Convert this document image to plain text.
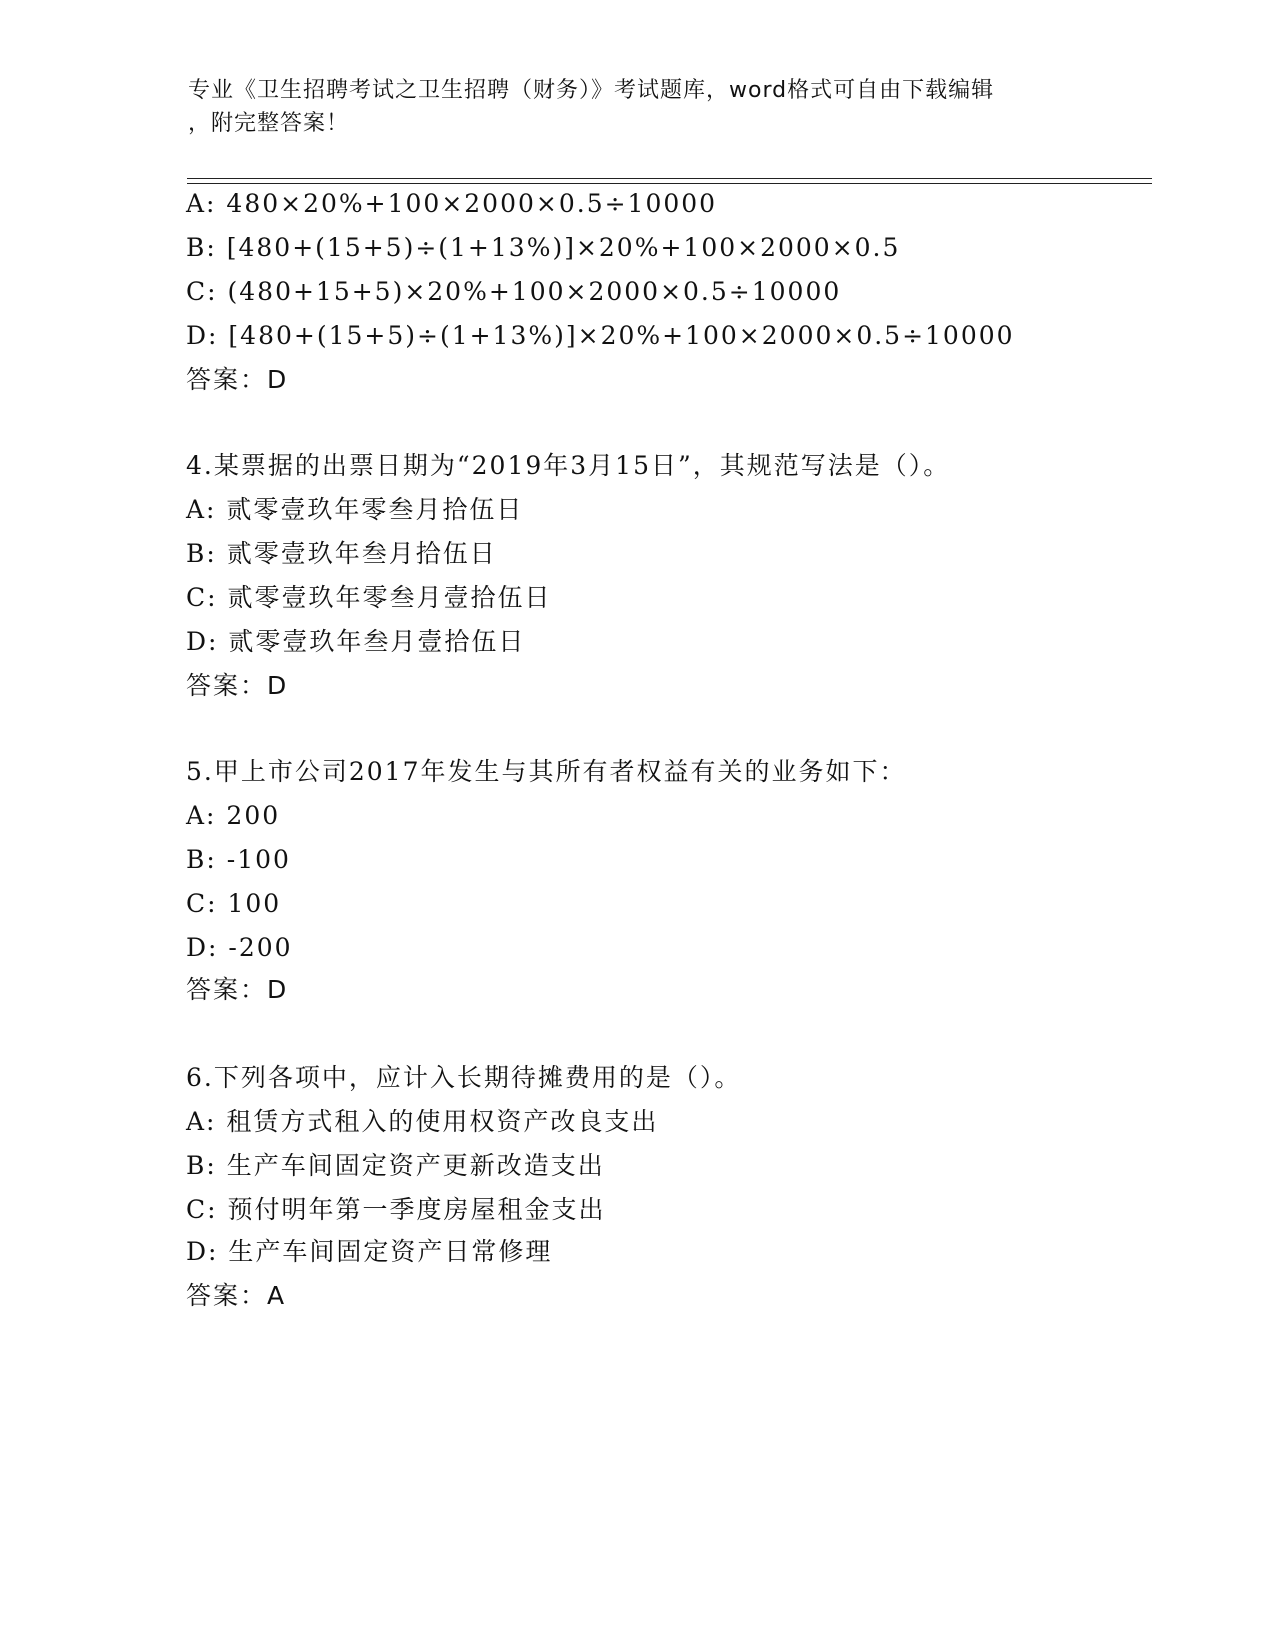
专业《卫生招聘考试之卫生招聘（财务）》考试题库，word格式可自由下载编辑
，附完整答案！
A: 480×20%+100×2000×0.5÷10000
B: [480+(15+5)÷(1+13%)]×20%+100×2000×0.5
C: (480+15+5)×20%+100×2000×0.5÷10000
D: [480+(15+5)÷(1+13%)]×20%+100×2000×0.5÷10000
答案：D
4.某票据的出票日期为“2019年3月15日”，其规范写法是（）。
A: 贰零壹玖年零叁月拾伍日
B: 贰零壹玖年叁月拾伍日
C: 贰零壹玖年零叁月壹拾伍日
D: 贰零壹玖年叁月壹拾伍日
答案：D
5.甲上市公司2017年发生与其所有者权益有关的业务如下：
A: 200
B: -100
C: 100
D: -200
答案：D
6.下列各项中，应计入长期待摊费用的是（）。
A: 租赁方式租入的使用权资产改良支出
B: 生产车间固定资产更新改造支出
C: 预付明年第一季度房屋租金支出
D: 生产车间固定资产日常修理
答案：A
